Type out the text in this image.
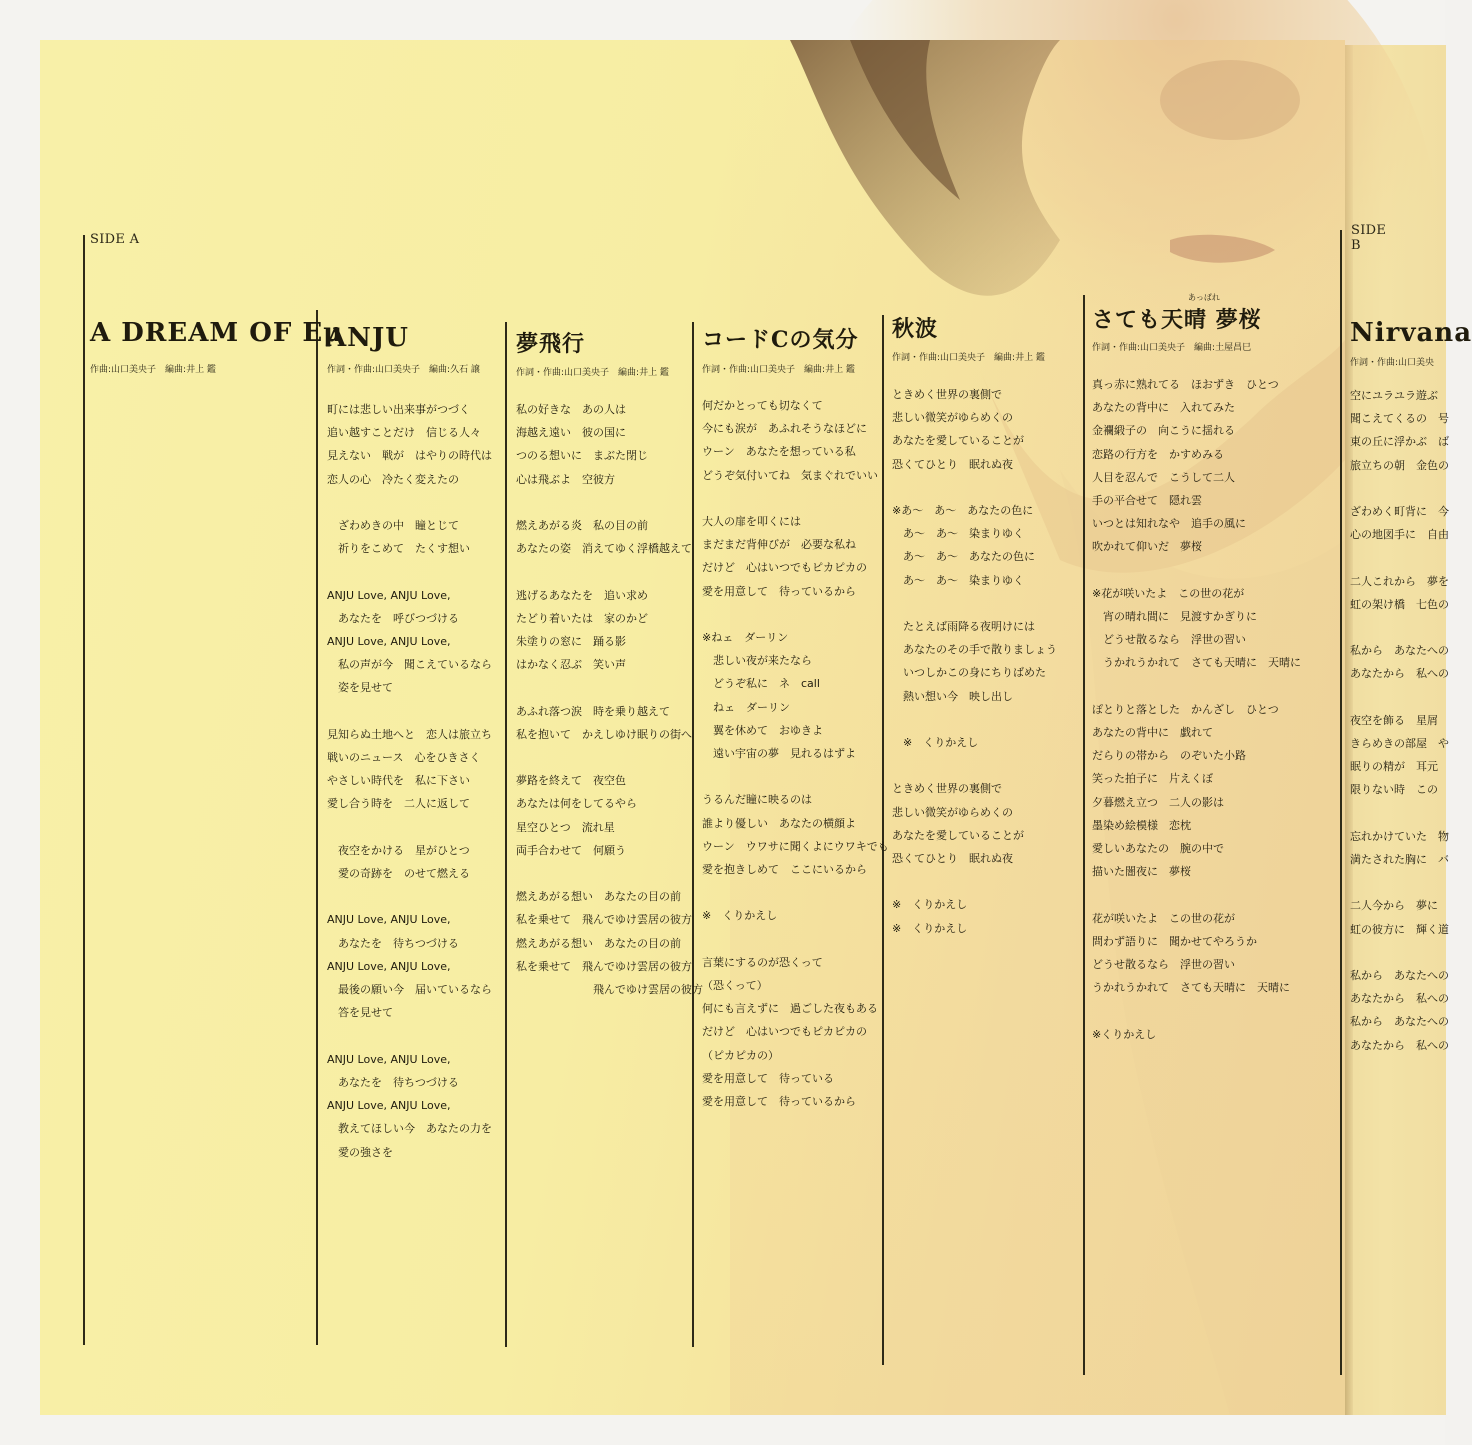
SIDE A
SIDE B
A DREAM OF Eμ
作曲:山口美央子　編曲:井上 鑑
ANJU
作詞・作曲:山口美央子　編曲:久石 譲
町には悲しい出来事がつづく
追い越すことだけ　信じる人々
見えない　戦が　はやりの時代は
恋人の心　冷たく変えたの

　ざわめきの中　瞳とじて
　祈りをこめて　たくす想い

ANJU Love, ANJU Love,
　あなたを　呼びつづける
ANJU Love, ANJU Love,
　私の声が今　聞こえているなら
　姿を見せて

見知らぬ土地へと　恋人は旅立ち
戦いのニュース　心をひきさく
やさしい時代を　私に下さい
愛し合う時を　二人に返して

　夜空をかける　星がひとつ
　愛の奇跡を　のせて燃える

ANJU Love, ANJU Love,
　あなたを　待ちつづける
ANJU Love, ANJU Love,
　最後の願い今　届いているなら
　答を見せて

ANJU Love, ANJU Love,
　あなたを　待ちつづける
ANJU Love, ANJU Love,
　教えてほしい今　あなたの力を
　愛の強さを
夢飛行
作詞・作曲:山口美央子　編曲:井上 鑑
私の好きな　あの人は
海越え遠い　彼の国に
つのる想いに　まぶた閉じ
心は飛ぶよ　空彼方

燃えあがる炎　私の目の前
あなたの姿　消えてゆく浮橋越えて

逃げるあなたを　追い求め
たどり着いたは　家のかど
朱塗りの窓に　踊る影
はかなく忍ぶ　笑い声

あふれ落つ涙　時を乗り越えて
私を抱いて　かえしゆけ眠りの街へ

夢路を終えて　夜空色
あなたは何をしてるやら
星空ひとつ　流れ星
両手合わせて　何願う

燃えあがる想い　あなたの目の前
私を乗せて　飛んでゆけ雲居の彼方
燃えあがる想い　あなたの目の前
私を乗せて　飛んでゆけ雲居の彼方
　　　　　　　飛んでゆけ雲居の彼方
コードCの気分
作詞・作曲:山口美央子　編曲:井上 鑑
何だかとっても切なくて
今にも涙が　あふれそうなほどに
ウーン　あなたを想っている私
どうぞ気付いてね　気まぐれでいい

大人の扉を叩くには
まだまだ背伸びが　必要な私ね
だけど　心はいつでもピカピカの
愛を用意して　待っているから

※ねェ　ダーリン
　悲しい夜が来たなら
　どうぞ私に　ネ　call
　ねェ　ダーリン
　翼を休めて　おゆきよ
　遠い宇宙の夢　見れるはずよ

うるんだ瞳に映るのは
誰より優しい　あなたの横顔よ
ウーン　ウワサに聞くよにウワキでも
愛を抱きしめて　ここにいるから

※　くりかえし

言葉にするのが恐くって
（恐くって）
何にも言えずに　過ごした夜もある
だけど　心はいつでもピカピカの
（ピカピカの）
愛を用意して　待っている
愛を用意して　待っているから
秋波
作詞・作曲:山口美央子　編曲:井上 鑑
ときめく世界の裏側で
悲しい微笑がゆらめくの
あなたを愛していることが
恐くてひとり　眠れぬ夜

※あ～　あ～　あなたの色に
　あ～　あ～　染まりゆく
　あ～　あ～　あなたの色に
　あ～　あ～　染まりゆく

　たとえば雨降る夜明けには
　あなたのその手で散りましょう
　いつしかこの身にちりばめた
　熱い想い今　映し出し

　※　くりかえし

ときめく世界の裏側で
悲しい微笑がゆらめくの
あなたを愛していることが
恐くてひとり　眠れぬ夜

※　くりかえし
※　くりかえし
あっぱれ
さても天晴 夢桜
作詞・作曲:山口美央子　編曲:土屋昌巳
真っ赤に熟れてる　ほおずき　ひとつ
あなたの背中に　入れてみた
金襴緞子の　向こうに揺れる
恋路の行方を　かすめみる
人目を忍んで　こうして二人
手の平合せて　隠れ雲
いつとは知れなや　追手の風に
吹かれて仰いだ　夢桜

※花が咲いたよ　この世の花が
　宵の晴れ間に　見渡すかぎりに
　どうせ散るなら　浮世の習い
　うかれうかれて　さても天晴に　天晴に

ぽとりと落とした　かんざし　ひとつ
あなたの背中に　戯れて
だらりの帯から　のぞいた小路
笑った拍子に　片えくぼ
夕暮燃え立つ　二人の影は
墨染め絵模様　恋枕
愛しいあなたの　腕の中で
描いた闇夜に　夢桜

花が咲いたよ　この世の花が
問わず語りに　聞かせてやろうか
どうせ散るなら　浮世の習い
うかれうかれて　さても天晴に　天晴に

※くりかえし
Nirvana
作詞・作曲:山口美央
空にユラユラ遊ぶ
聞こえてくるの　号
東の丘に浮かぶ　ば
旅立ちの朝　金色の

ざわめく町背に　今
心の地図手に　自由

二人これから　夢を
虹の架け橋　七色の

私から　あなたへの
あなたから　私への

夜空を飾る　星屑
きらめきの部屋　や
眠りの精が　耳元
限りない時　この

忘れかけていた　物
満たされた胸に　バ

二人今から　夢に
虹の彼方に　輝く道

私から　あなたへの
あなたから　私への
私から　あなたへの
あなたから　私への
